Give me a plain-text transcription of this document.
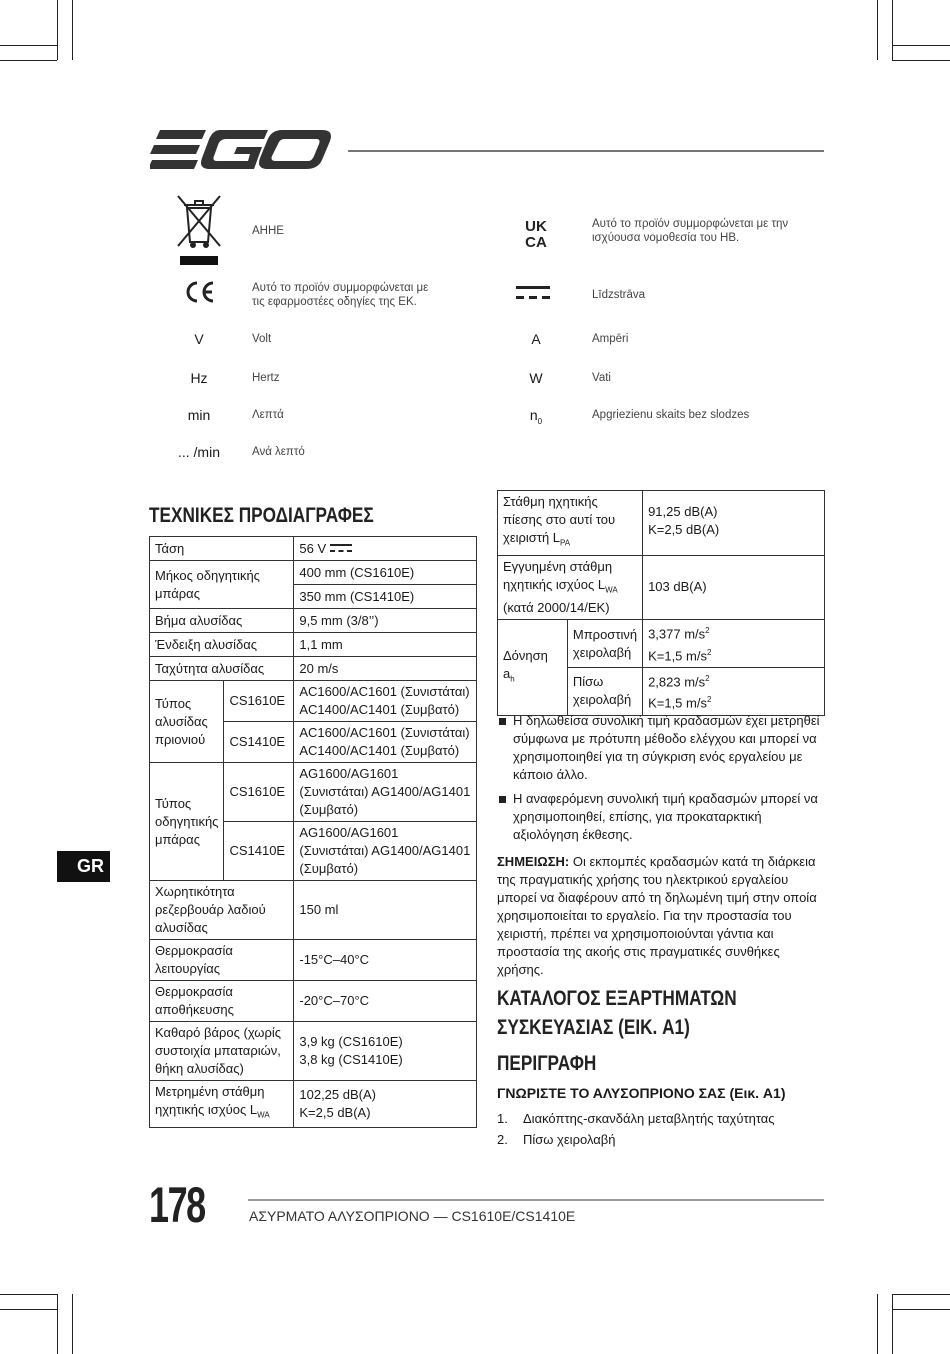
AHHE
Αυτό το προϊόν συμμορφώνεται με τις εφαρμοστέες οδηγίες της ΕΚ.
V	Volt
Hz	Hertz
min	Λεπτά
... /min	Ανά λεπτό
UK
CA
Αυτό το προϊόν συμμορφώνεται με την ισχύουσα νομοθεσία του ΗΒ.
Līdzstrāva
A	Ampēri
W	Vati
$n_0$
Apgriezienu skaits bez slodzes
ΤΕΧΝΙΚΕΣ ΠΡΟΔΙΑΓΡΑΦΕΣ
Τάση		56 V
Μήκος οδηγητικής μπάρας		400 mm (CS1610E)
		350 mm (CS1410E)
Βήμα αλυσίδας		9,5 mm (3/8’’)
Ένδειξη αλυσίδας		1,1 mm
Ταχύτητα αλυσίδας		20 m/s
Τύπος αλυσίδας πριονιού	CS1610E	AC1600/AC1601 (Συνιστάται) AC1400/AC1401 (Συμβατό)
	CS1410E	AC1600/AC1601 (Συνιστάται) AC1400/AC1401 (Συμβατό)
Τύπος οδηγητικής μπάρας	CS1610E	AG1600/AG1601 (Συνιστάται) AG1400/AG1401 (Συμβατό)
	CS1410E	AG1600/AG1601 (Συνιστάται) AG1400/AG1401 (Συμβατό)
Χωρητικότητα ρεζερβουάρ λαδιού αλυσίδας		150 ml
Θερμοκρασία λειτουργίας		-15°C–40°C
Θερμοκρασία αποθήκευσης		-20°C–70°C
Καθαρό βάρος (χωρίς συστοιχία μπαταριών, θήκη αλυσίδας)		3,9 kg (CS1610E)
3,8 kg (CS1410E)
Μετρημένη στάθμη ηχητικής ισχύος $L_{WA}$		102,25 dB(A)
K=2,5 dB(A)
Στάθμη ηχητικής πίεσης στο αυτί του χειριστή $L_{PA}$		91,25 dB(A)
K=2,5 dB(A)
Εγγυημένη στάθμη ηχητικής ισχύος $L_{WA}$ (κατά 2000/14/ΕΚ)		103 dB(A)
Δόνηση $a_h$	Μπροστινή χειρολαβή	3,377 $m/s^2$
K=1,5 $m/s^2$
	Πίσω χειρολαβή	2,823 $m/s^2$
K=1,5 $m/s^2$
Η δηλωθείσα συνολική τιμή κραδασμών έχει μετρηθεί σύμφωνα με πρότυπη μέθοδο ελέγχου και μπορεί να χρησιμοποιηθεί για τη σύγκριση ενός εργαλείου με κάποιο άλλο.
Η αναφερόμενη συνολική τιμή κραδασμών μπορεί να χρησιμοποιηθεί, επίσης, για προκαταρκτική αξιολόγηση έκθεσης.
ΣΗΜΕΙΩΣΗ: Οι εκπομπές κραδασμών κατά τη διάρκεια της πραγματικής χρήσης του ηλεκτρικού εργαλείου μπορεί να διαφέρουν από τη δηλωμένη τιμή στην οποία χρησιμοποιείται το εργαλείο. Για την προστασία του χειριστή, πρέπει να χρησιμοποιούνται γάντια και προστασία της ακοής στις πραγματικές συνθήκες χρήσης.
ΚΑΤΑΛΟΓΟΣ ΕΞΑΡΤΗΜΑΤΩΝ ΣΥΣΚΕΥΑΣΙΑΣ (ΕΙΚ. A1)
ΠΕΡΙΓΡΑΦΗ
ΓΝΩΡΙΣΤΕ ΤΟ ΑΛΥΣΟΠΡΙΟΝΟ ΣΑΣ (Εικ. A1)
1. Διακόπτης-σκανδάλη μεταβλητής ταχύτητας
2. Πίσω χειρολαβή
GR
178	ΑΣΥΡΜΑΤΟ ΑΛΥΣΟΠΡΙΟΝΟ — CS1610E/CS1410E
